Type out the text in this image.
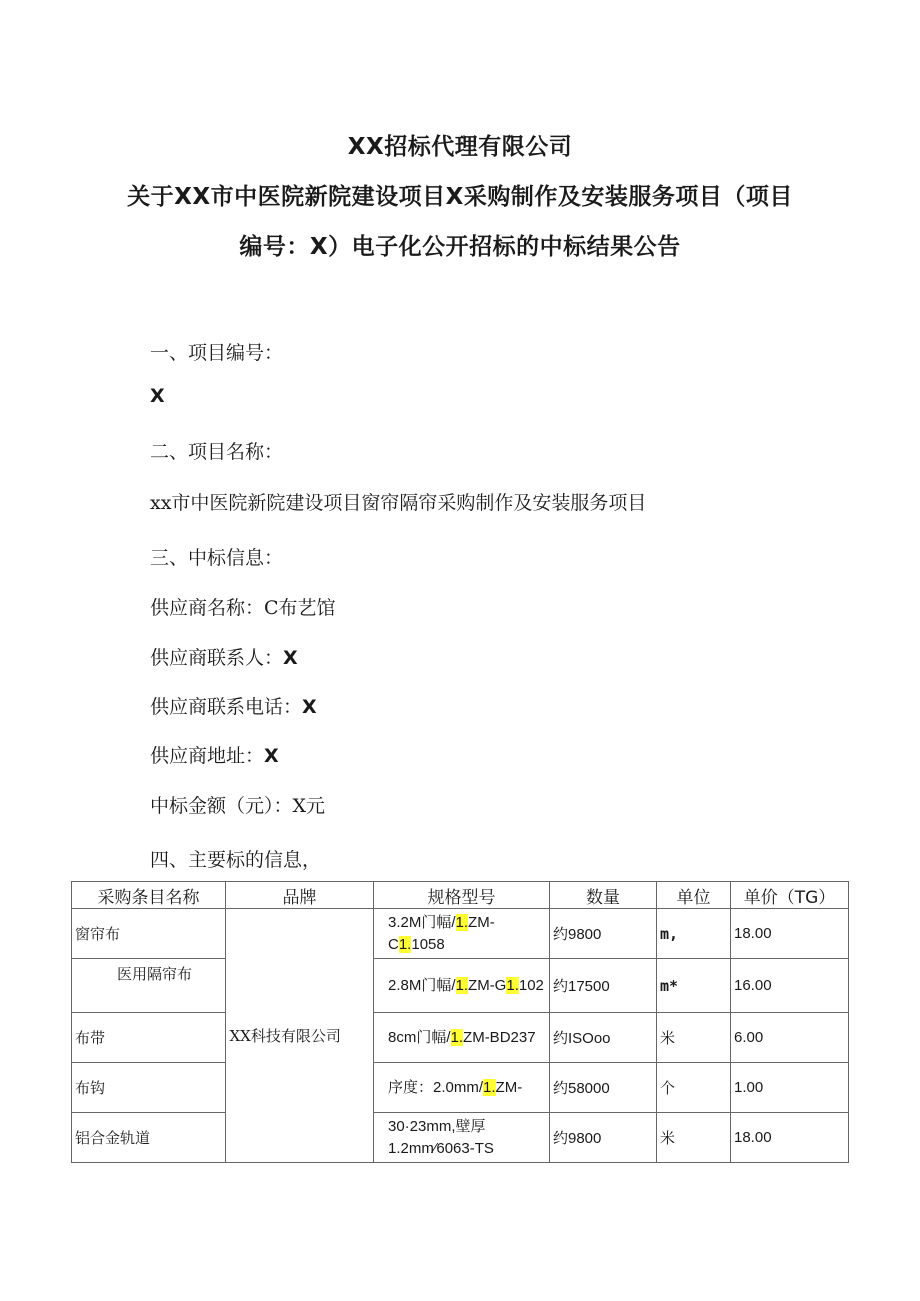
XX招标代理有限公司
关于XX市中医院新院建设项目X采购制作及安装服务项目（项目
编号：X）电子化公开招标的中标结果公告
一、项目编号：
X
二、项目名称：
xx市中医院新院建设项目窗帘隔帘采购制作及安装服务项目
三、中标信息：
供应商名称：C布艺馆
供应商联系人：X
供应商联系电话：X
供应商地址：X
中标金额（元）：X元
四、主要标的信息，
采购条目名称	品牌	规格型号	数量	单位	单价（TG）
窗帘布	XX科技有限公司	3.2M门幅/1.ZM-C1.1058	约9800	m,	18.00
医用隔帘布		2.8M门幅/1.ZM-G1.102	约17500	m*	16.00
布带		8cm门幅/1.ZM-BD237	约ISOoo	米	6.00
布钩		序度：2.0mm/1.ZM-	约58000	个	1.00
铝合金轨道		30·23mm,壁厚1.2mm⁄6063-TS	约9800	米	18.00
